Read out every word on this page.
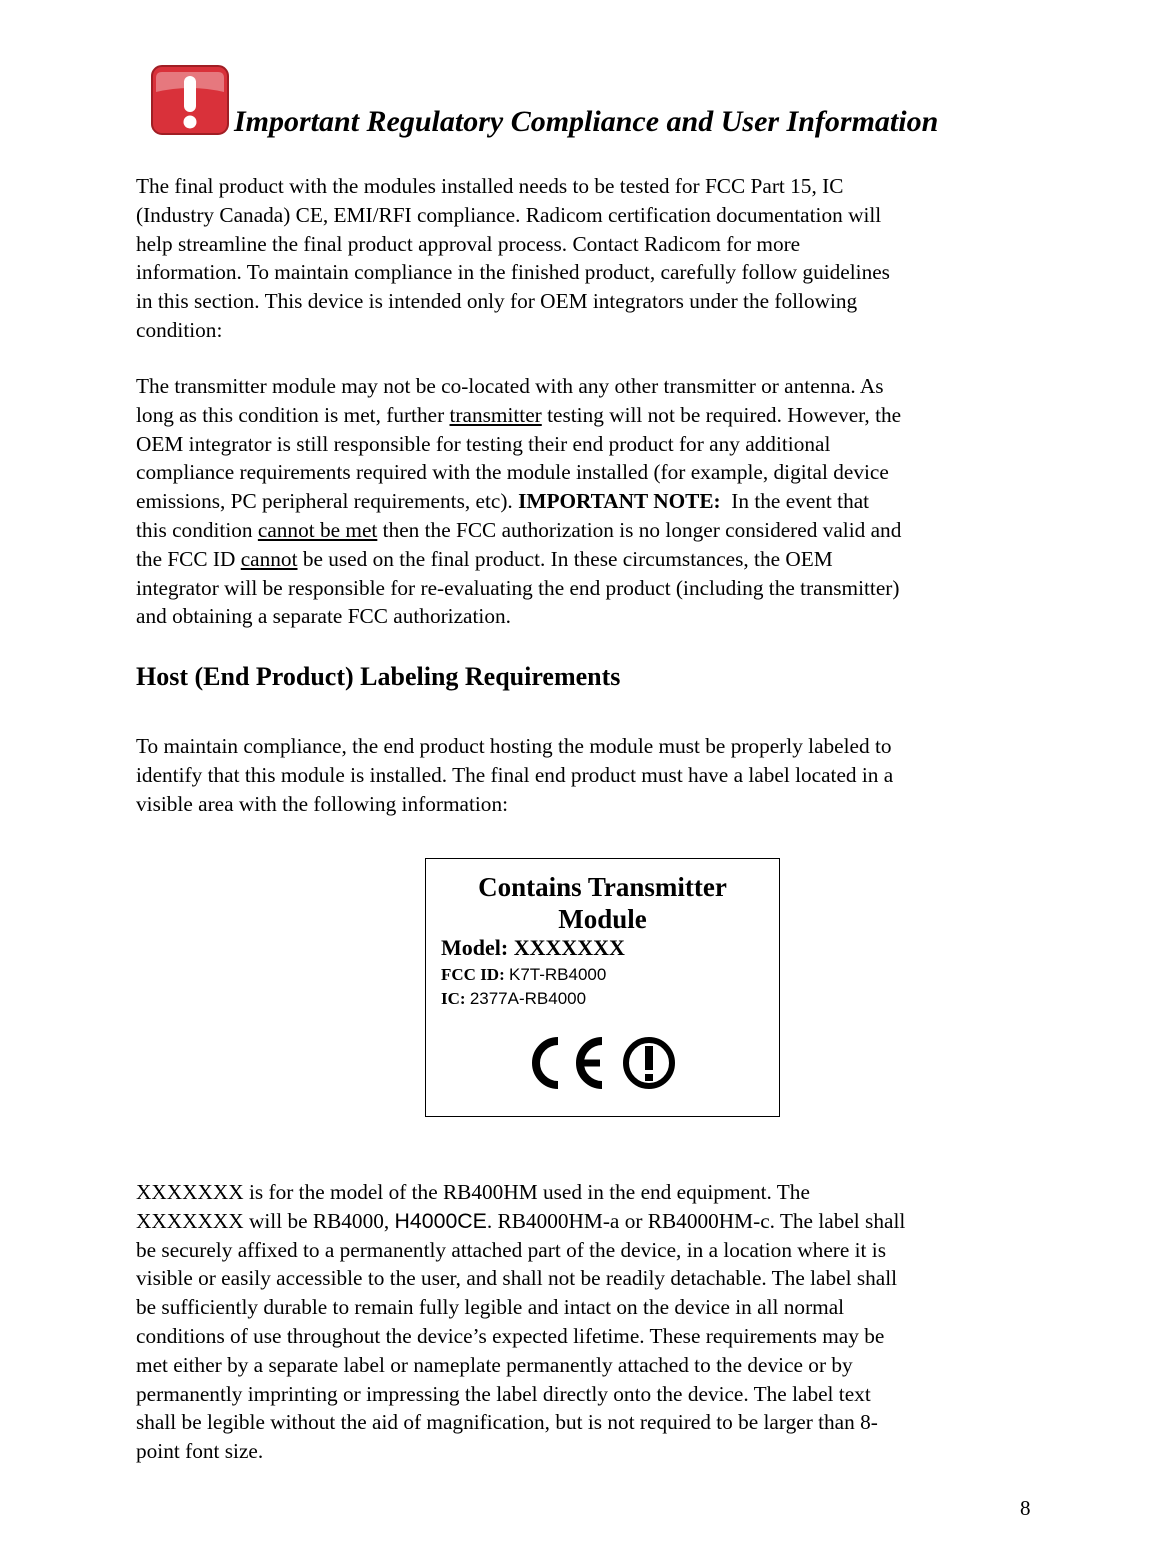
Important Regulatory Compliance and User Information

The final product with the modules installed needs to be tested for FCC Part 15, IC
(Industry Canada) CE, EMI/RFI compliance. Radicom certification documentation will
help streamline the final product approval process. Contact Radicom for more
information. To maintain compliance in the finished product, carefully follow guidelines
in this section. This device is intended only for OEM integrators under the following
condition:

The transmitter module may not be co-located with any other transmitter or antenna. As
long as this condition is met, further transmitter testing will not be required. However, the
OEM integrator is still responsible for testing their end product for any additional
compliance requirements required with the module installed (for example, digital device
emissions, PC peripheral requirements, etc). IMPORTANT NOTE:  In the event that
this condition cannot be met then the FCC authorization is no longer considered valid and
the FCC ID cannot be used on the final product. In these circumstances, the OEM
integrator will be responsible for re-evaluating the end product (including the transmitter)
and obtaining a separate FCC authorization.

Host (End Product) Labeling Requirements

To maintain compliance, the end product hosting the module must be properly labeled to
identify that this module is installed. The final end product must have a label located in a
visible area with the following information:

Contains Transmitter
Module
Model: XXXXXXX
FCC ID: K7T-RB4000
IC: 2377A-RB4000

XXXXXXX is for the model of the RB400HM used in the end equipment. The
XXXXXXX will be RB4000, H4000CE. RB4000HM-a or RB4000HM-c. The label shall
be securely affixed to a permanently attached part of the device, in a location where it is
visible or easily accessible to the user, and shall not be readily detachable. The label shall
be sufficiently durable to remain fully legible and intact on the device in all normal
conditions of use throughout the device’s expected lifetime. These requirements may be
met either by a separate label or nameplate permanently attached to the device or by
permanently imprinting or impressing the label directly onto the device. The label text
shall be legible without the aid of magnification, but is not required to be larger than 8-
point font size.

8
